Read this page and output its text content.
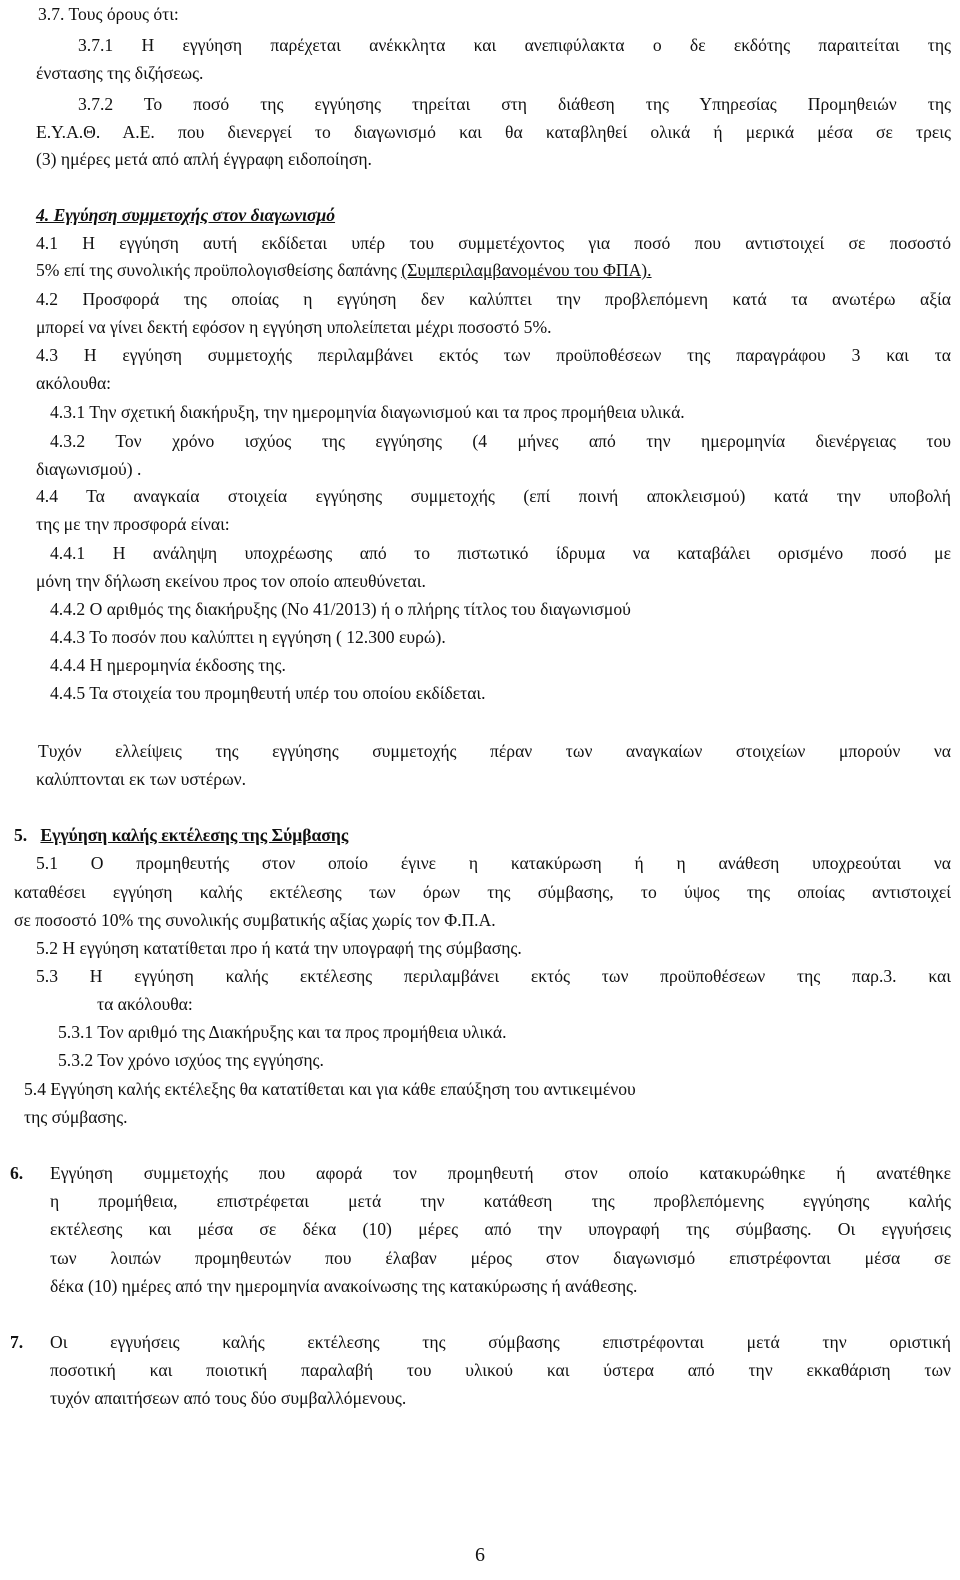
3.7. Τους όρους ότι:

3.7.1 Η εγγύηση παρέχεται ανέκκλητα και ανεπιφύλακτα ο δε εκδότης παραιτείται της

ένστασης της διζήσεως.

3.7.2 Το ποσό της εγγύησης τηρείται στη διάθεση της Υπηρεσίας Προμηθειών της

Ε.Υ.Α.Θ. Α.Ε. που διενεργεί το διαγωνισμό και θα καταβληθεί ολικά ή μερικά μέσα σε τρεις

(3) ημέρες μετά από απλή έγγραφη ειδοποίηση.

4. Εγγύηση συμμετοχής στον διαγωνισμό

4.1 Η εγγύηση αυτή εκδίδεται υπέρ του συμμετέχοντος για ποσό που αντιστοιχεί σε ποσοστό

5% επί της συνολικής προϋπολογισθείσης δαπάνης (Συμπεριλαμβανομένου του ΦΠΑ).

4.2 Προσφορά της οποίας η εγγύηση δεν καλύπτει την προβλεπόμενη κατά τα ανωτέρω αξία

μπορεί να γίνει δεκτή εφόσον η εγγύηση υπολείπεται μέχρι ποσοστό 5%.

4.3 Η εγγύηση συμμετοχής περιλαμβάνει εκτός των προϋποθέσεων της παραγράφου 3 και τα

ακόλουθα:

4.3.1 Την σχετική διακήρυξη, την ημερομηνία διαγωνισμού και τα προς προμήθεια υλικά.

4.3.2 Τον χρόνο ισχύος της εγγύησης (4 μήνες από την ημερομηνία διενέργειας του

διαγωνισμού) .

4.4 Τα αναγκαία στοιχεία εγγύησης συμμετοχής (επί ποινή αποκλεισμού) κατά την υποβολή

της με την προσφορά είναι:

4.4.1 Η ανάληψη υποχρέωσης από το πιστωτικό ίδρυμα να καταβάλει ορισμένο ποσό με

μόνη την δήλωση εκείνου προς τον οποίο απευθύνεται.

4.4.2 Ο αριθμός της διακήρυξης (Νο 41/2013) ή ο πλήρης τίτλος του διαγωνισμού

4.4.3 Το ποσόν που καλύπτει η εγγύηση ( 12.300 ευρώ).

4.4.4 Η ημερομηνία έκδοσης της.

4.4.5 Τα στοιχεία του προμηθευτή υπέρ του οποίου εκδίδεται.

Τυχόν ελλείψεις της εγγύησης συμμετοχής πέραν των αναγκαίων στοιχείων μπορούν να

καλύπτονται εκ των υστέρων.

5. Εγγύηση καλής εκτέλεσης της Σύμβασης

5.1 Ο προμηθευτής στον οποίο έγινε η κατακύρωση ή η ανάθεση υποχρεούται να

καταθέσει εγγύηση καλής εκτέλεσης των όρων της σύμβασης, το ύψος της οποίας αντιστοιχεί

σε ποσοστό 10% της συνολικής συμβατικής αξίας χωρίς τον Φ.Π.Α.

5.2 Η εγγύηση κατατίθεται προ ή κατά την υπογραφή της σύμβασης.

5.3 Η εγγύηση καλής εκτέλεσης περιλαμβάνει εκτός των προϋποθέσεων της παρ.3. και

τα ακόλουθα:

5.3.1 Τον αριθμό της Διακήρυξης και τα προς προμήθεια υλικά.

5.3.2 Τον χρόνο ισχύος της εγγύησης.

5.4 Εγγύηση καλής εκτέλεξης θα κατατίθεται και για κάθε επαύξηση του αντικειμένου

της σύμβασης.

6. Εγγύηση συμμετοχής που αφορά τον προμηθευτή στον οποίο κατακυρώθηκε ή ανατέθηκε

η προμήθεια, επιστρέφεται μετά την κατάθεση της προβλεπόμενης εγγύησης καλής

εκτέλεσης και μέσα σε δέκα (10) μέρες από την υπογραφή της σύμβασης. Οι εγγυήσεις

των λοιπών προμηθευτών που έλαβαν μέρος στον διαγωνισμό επιστρέφονται μέσα σε

δέκα (10) ημέρες από την ημερομηνία ανακοίνωσης της κατακύρωσης ή ανάθεσης.

7. Οι εγγυήσεις καλής εκτέλεσης της σύμβασης επιστρέφονται μετά την οριστική

ποσοτική και ποιοτική παραλαβή του υλικού και ύστερα από την εκκαθάριση των

τυχόν απαιτήσεων από τους δύο συμβαλλόμενους.

6
